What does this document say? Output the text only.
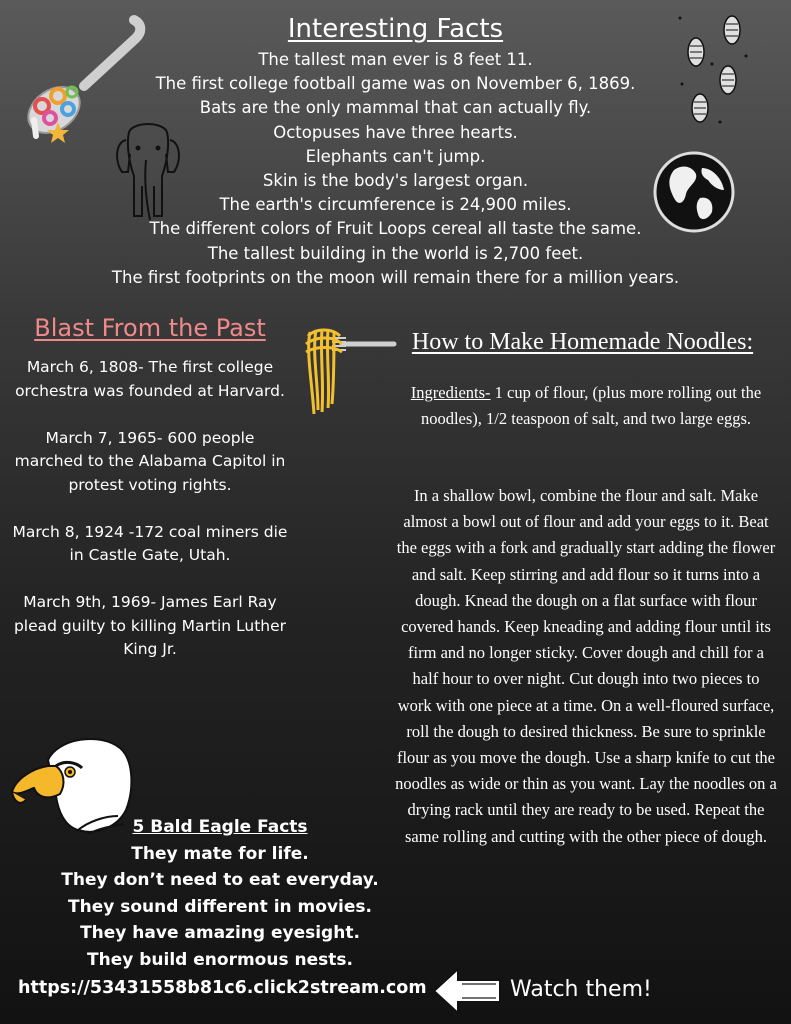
Interesting Facts
The tallest man ever is 8 feet 11.
The first college football game was on November 6, 1869.
Bats are the only mammal that can actually fly.
Octopuses have three hearts.
Elephants can't jump.
Skin is the body's largest organ.
The earth's circumference is 24,900 miles.
The different colors of Fruit Loops cereal all taste the same.
The tallest building in the world is 2,700 feet.
The first footprints on the moon will remain there for a million years.
Blast From the Past

March 6, 1808- The first college orchestra was founded at Harvard.

March 7, 1965- 600 people marched to the Alabama Capitol in protest voting rights.

March 8, 1924 -172 coal miners die in Castle Gate, Utah.

March 9th, 1969- James Earl Ray plead guilty to killing Martin Luther King Jr.

How to Make Homemade Noodles:
Ingredients- 1 cup of flour, (plus more rolling out the noodles), 1/2 teaspoon of salt, and two large eggs.
In a shallow bowl, combine the flour and salt. Make almost a bowl out of flour and add your eggs to it. Beat the eggs with a fork and gradually start adding the flower and salt. Keep stirring and add flour so it turns into a dough. Knead the dough on a flat surface with flour covered hands. Keep kneading and adding flour until its firm and no longer sticky. Cover dough and chill for a half hour to over night. Cut dough into two pieces to work with one piece at a time. On a well-floured surface, roll the dough to desired thickness. Be sure to sprinkle flour as you move the dough. Use a sharp knife to cut the noodles as wide or thin as you want. Lay the noodles on a drying rack until they are ready to be used. Repeat the same rolling and cutting with the other piece of dough.
5 Bald Eagle Facts
They mate for life.
They don’t need to eat everyday.
They sound different in movies.
They have amazing eyesight.
They build enormous nests.
https://53431558b81c6.click2stream.com	Watch them!
